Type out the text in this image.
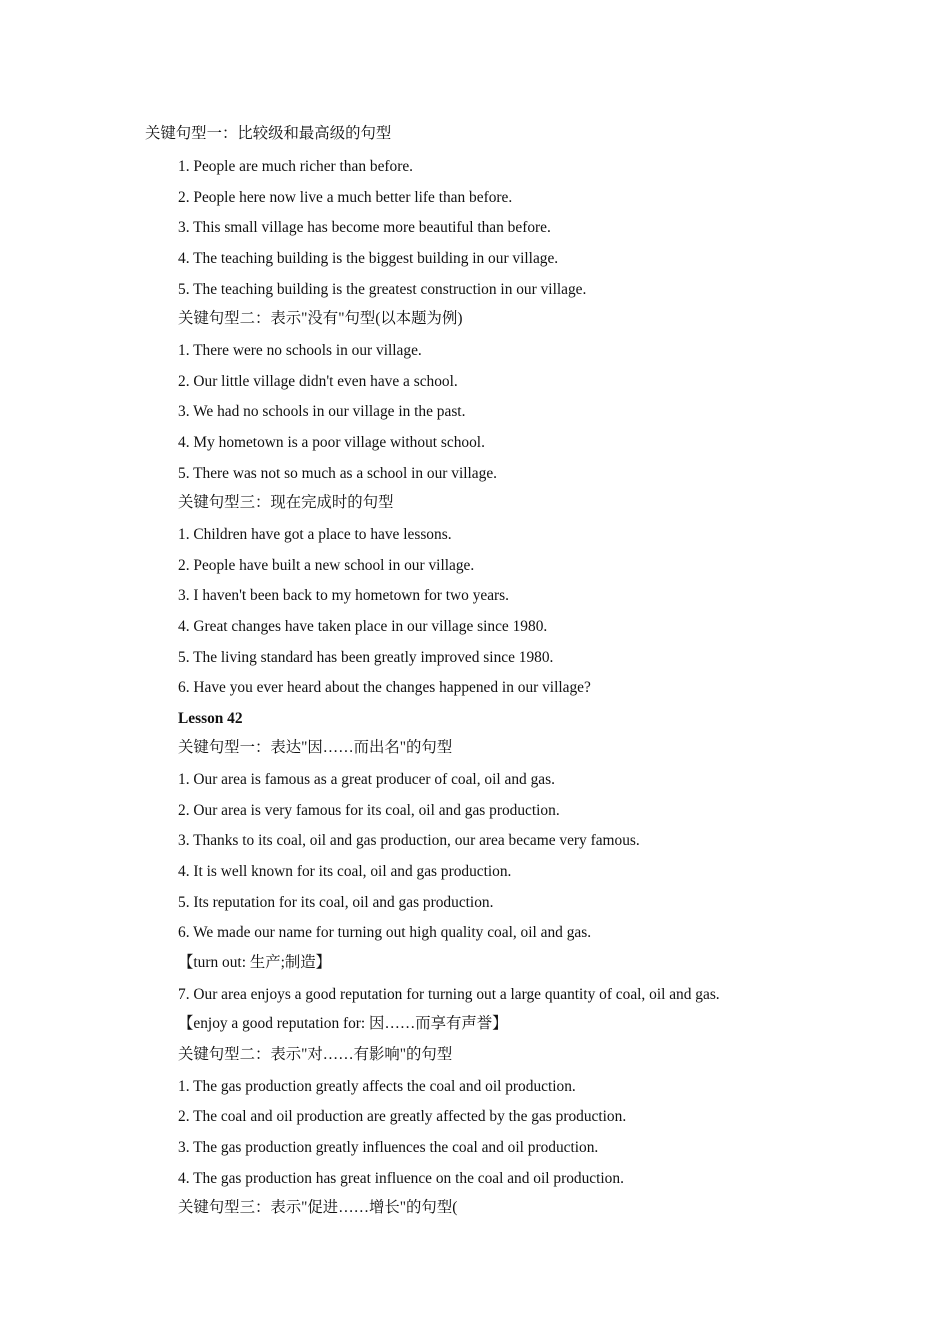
关键句型一：比较级和最高级的句型
1. People are much richer than before.
2. People here now live a much better life than before.
3. This small village has become more beautiful than before.
4. The teaching building is the biggest building in our village.
5. The teaching building is the greatest construction in our village.
关键句型二：表示"没有"句型(以本题为例)
1. There were no schools in our village.
2. Our little village didn't even have a school.
3. We had no schools in our village in the past.
4. My hometown is a poor village without school.
5. There was not so much as a school in our village.
关键句型三：现在完成时的句型
1. Children have got a place to have lessons.
2. People have built a new school in our village.
3. I haven't been back to my hometown for two years.
4. Great changes have taken place in our village since 1980.
5. The living standard has been greatly improved since 1980.
6. Have you ever heard about the changes happened in our village?
Lesson 42
关键句型一：表达"因……而出名"的句型
1. Our area is famous as a great producer of coal, oil and gas.
2. Our area is very famous for its coal, oil and gas production.
3. Thanks to its coal, oil and gas production, our area became very famous.
4. It is well known for its coal, oil and gas production.
5. Its reputation for its coal, oil and gas production.
6. We made our name for turning out high quality coal, oil and gas.
【turn out: 生产;制造】
7. Our area enjoys a good reputation for turning out a large quantity of coal, oil and gas.
【enjoy a good reputation for: 因……而享有声誉】
关键句型二：表示"对……有影响"的句型
1. The gas production greatly affects the coal and oil production.
2. The coal and oil production are greatly affected by the gas production.
3. The gas production greatly influences the coal and oil production.
4. The gas production has great influence on the coal and oil production.
关键句型三：表示"促进……增长"的句型(
